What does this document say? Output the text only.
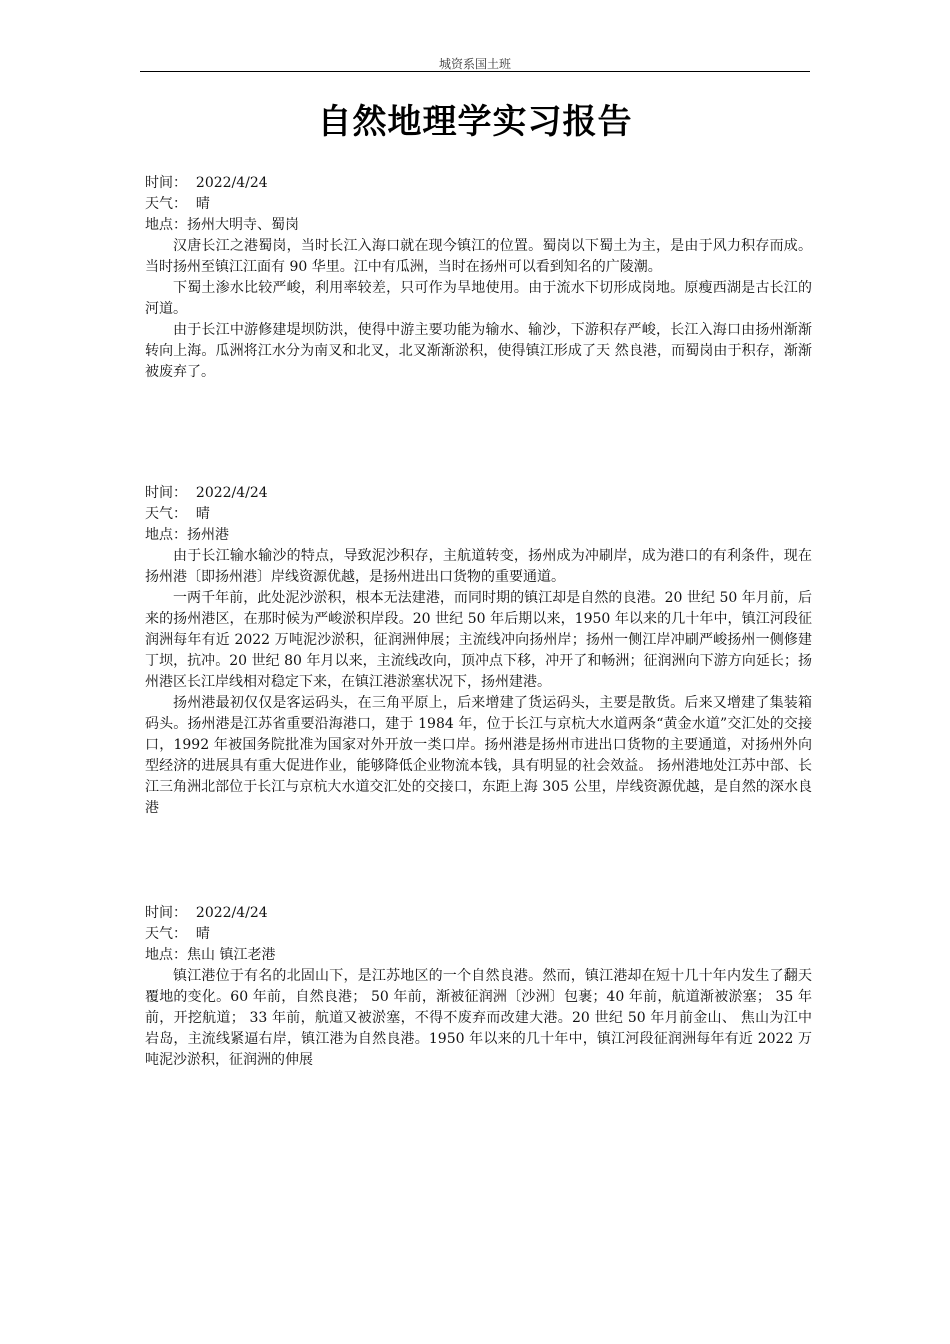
城资系国土班
自然地理学实习报告
时间： 2022/4/24
天气： 晴
地点：扬州大明寺、蜀岗

汉唐长江之港蜀岗，当时长江入海口就在现今镇江的位置。蜀岗以下蜀土为主，是由于风力积存而成。当时扬州至镇江江面有 90 华里。江中有瓜洲，当时在扬州可以看到知名的广陵潮。

下蜀土渗水比较严峻，利用率较差，只可作为旱地使用。由于流水下切形成岗地。原瘦西湖是古长江的河道。

由于长江中游修建堤坝防洪，使得中游主要功能为输水、输沙，下游积存严峻，长江入海口由扬州渐渐转向上海。瓜洲将江水分为南叉和北叉，北叉渐渐淤积，使得镇江形成了天 然良港，而蜀岗由于积存，渐渐被废弃了。

时间： 2022/4/24
天气： 晴
地点：扬州港

由于长江输水输沙的特点，导致泥沙积存，主航道转变，扬州成为冲刷岸，成为港口的有利条件，现在扬州港〔即扬州港〕岸线资源优越，是扬州进出口货物的重要通道。

一两千年前，此处泥沙淤积，根本无法建港，而同时期的镇江却是自然的良港。20 世纪 50 年月前，后来的扬州港区，在那时候为严峻淤积岸段。20 世纪 50 年后期以来，1950 年以来的几十年中，镇江河段征润洲每年有近 2022 万吨泥沙淤积，征润洲伸展；主流线冲向扬州岸；扬州一侧江岸冲刷严峻扬州一侧修建丁坝，抗冲。20 世纪 80 年月以来，主流线改向，顶冲点下移，冲开了和畅洲；征润洲向下游方向延长；扬州港区长江岸线相对稳定下来，在镇江港淤塞状况下，扬州建港。

扬州港最初仅仅是客运码头，在三角平原上，后来增建了货运码头，主要是散货。后来又增建了集装箱码头。扬州港是江苏省重要沿海港口，建于 1984 年，位于长江与京杭大水道两条“黄金水道”交汇处的交接口，1992 年被国务院批准为国家对外开放一类口岸。扬州港是扬州市进出口货物的主要通道，对扬州外向型经济的进展具有重大促进作业，能够降低企业物流本钱，具有明显的社会效益。 扬州港地处江苏中部、长江三角洲北部位于长江与京杭大水道交汇处的交接口，东距上海 305 公里，岸线资源优越，是自然的深水良港

时间： 2022/4/24
天气： 晴
地点：焦山 镇江老港

镇江港位于有名的北固山下，是江苏地区的一个自然良港。然而，镇江港却在短十几十年内发生了翻天覆地的变化。60 年前，自然良港； 50 年前，渐被征润洲〔沙洲〕包裹；40 年前，航道渐被淤塞； 35 年前，开挖航道； 33 年前，航道又被淤塞，不得不废弃而改建大港。20 世纪 50 年月前金山、 焦山为江中岩岛，主流线紧逼右岸，镇江港为自然良港。1950 年以来的几十年中，镇江河段征润洲每年有近 2022 万吨泥沙淤积，征润洲的伸展
